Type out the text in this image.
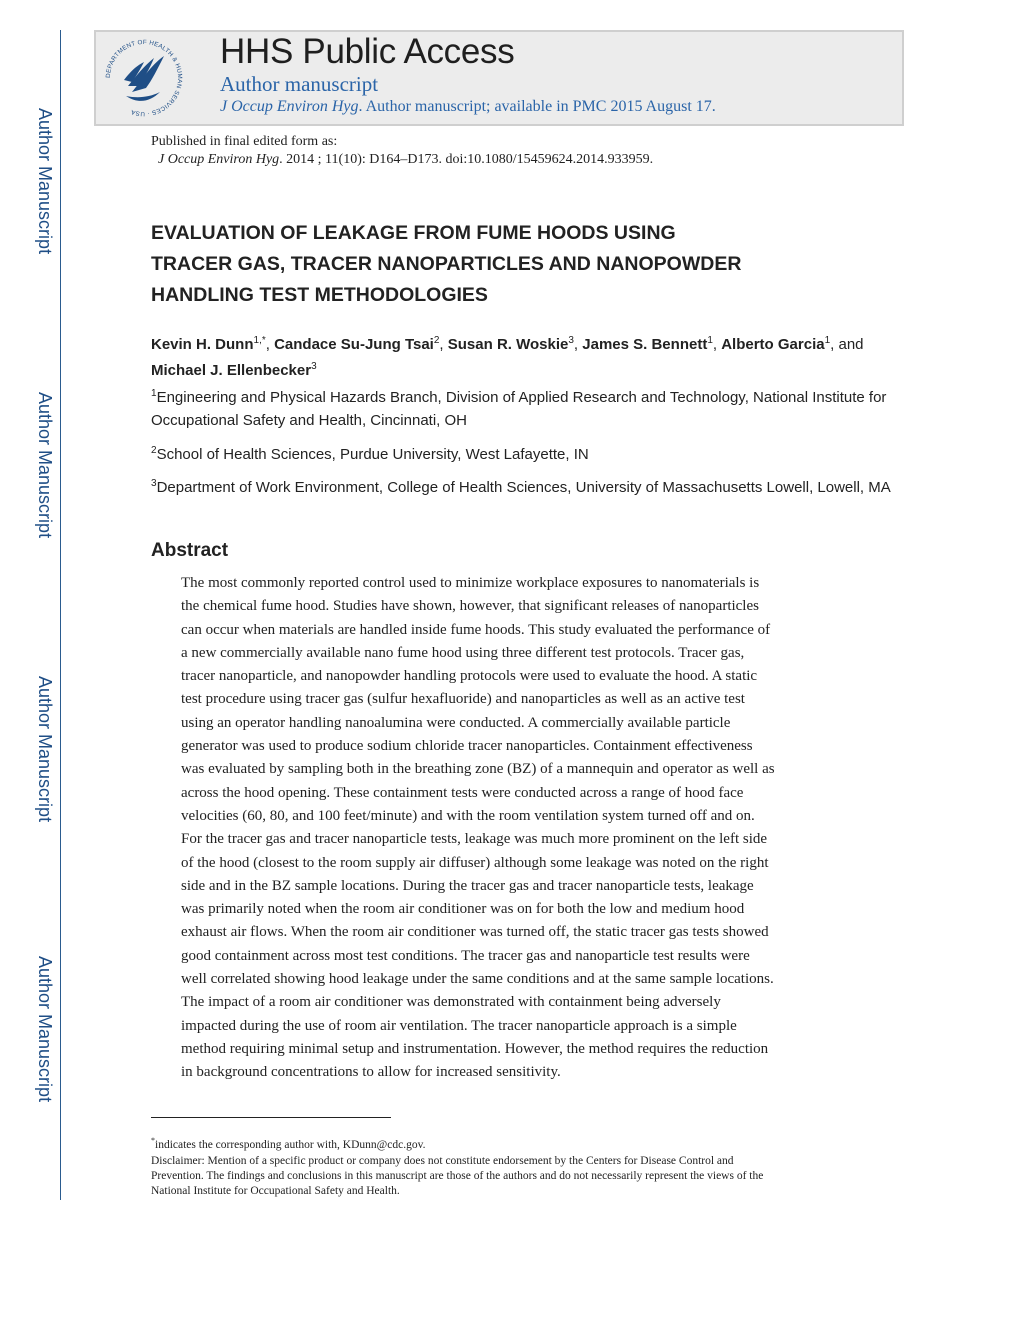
Author Manuscript
Author Manuscript
Author Manuscript
Author Manuscript
DEPARTMENT OF HEALTH & HUMAN SERVICES · USA
HHS Public Access
Author manuscript
J Occup Environ Hyg. Author manuscript; available in PMC 2015 August 17.
Published in final edited form as:
J Occup Environ Hyg. 2014 ; 11(10): D164–D173. doi:10.1080/15459624.2014.933959.
EVALUATION OF LEAKAGE FROM FUME HOODS USING
TRACER GAS, TRACER NANOPARTICLES AND NANOPOWDER
HANDLING TEST METHODOLOGIES
Kevin H. Dunn$^{1,*}$, Candace Su-Jung Tsai$^2$, Susan R. Woskie$^3$, James S. Bennett$^1$, Alberto Garcia$^1$, and Michael J. Ellenbecker$^3$
$^1$Engineering and Physical Hazards Branch, Division of Applied Research and Technology, National Institute for Occupational Safety and Health, Cincinnati, OH
$^2$School of Health Sciences, Purdue University, West Lafayette, IN
$^3$Department of Work Environment, College of Health Sciences, University of Massachusetts Lowell, Lowell, MA
Abstract
The most commonly reported control used to minimize workplace exposures to nanomaterials is
the chemical fume hood. Studies have shown, however, that significant releases of nanoparticles
can occur when materials are handled inside fume hoods. This study evaluated the performance of
a new commercially available nano fume hood using three different test protocols. Tracer gas,
tracer nanoparticle, and nanopowder handling protocols were used to evaluate the hood. A static
test procedure using tracer gas (sulfur hexafluoride) and nanoparticles as well as an active test
using an operator handling nanoalumina were conducted. A commercially available particle
generator was used to produce sodium chloride tracer nanoparticles. Containment effectiveness
was evaluated by sampling both in the breathing zone (BZ) of a mannequin and operator as well as
across the hood opening. These containment tests were conducted across a range of hood face
velocities (60, 80, and 100 feet/minute) and with the room ventilation system turned off and on.
For the tracer gas and tracer nanoparticle tests, leakage was much more prominent on the left side
of the hood (closest to the room supply air diffuser) although some leakage was noted on the right
side and in the BZ sample locations. During the tracer gas and tracer nanoparticle tests, leakage
was primarily noted when the room air conditioner was on for both the low and medium hood
exhaust air flows. When the room air conditioner was turned off, the static tracer gas tests showed
good containment across most test conditions. The tracer gas and nanoparticle test results were
well correlated showing hood leakage under the same conditions and at the same sample locations.
The impact of a room air conditioner was demonstrated with containment being adversely
impacted during the use of room air ventilation. The tracer nanoparticle approach is a simple
method requiring minimal setup and instrumentation. However, the method requires the reduction
in background concentrations to allow for increased sensitivity.
*indicates the corresponding author with, KDunn@cdc.gov.
Disclaimer: Mention of a specific product or company does not constitute endorsement by the Centers for Disease Control and
Prevention. The findings and conclusions in this manuscript are those of the authors and do not necessarily represent the views of the
National Institute for Occupational Safety and Health.
